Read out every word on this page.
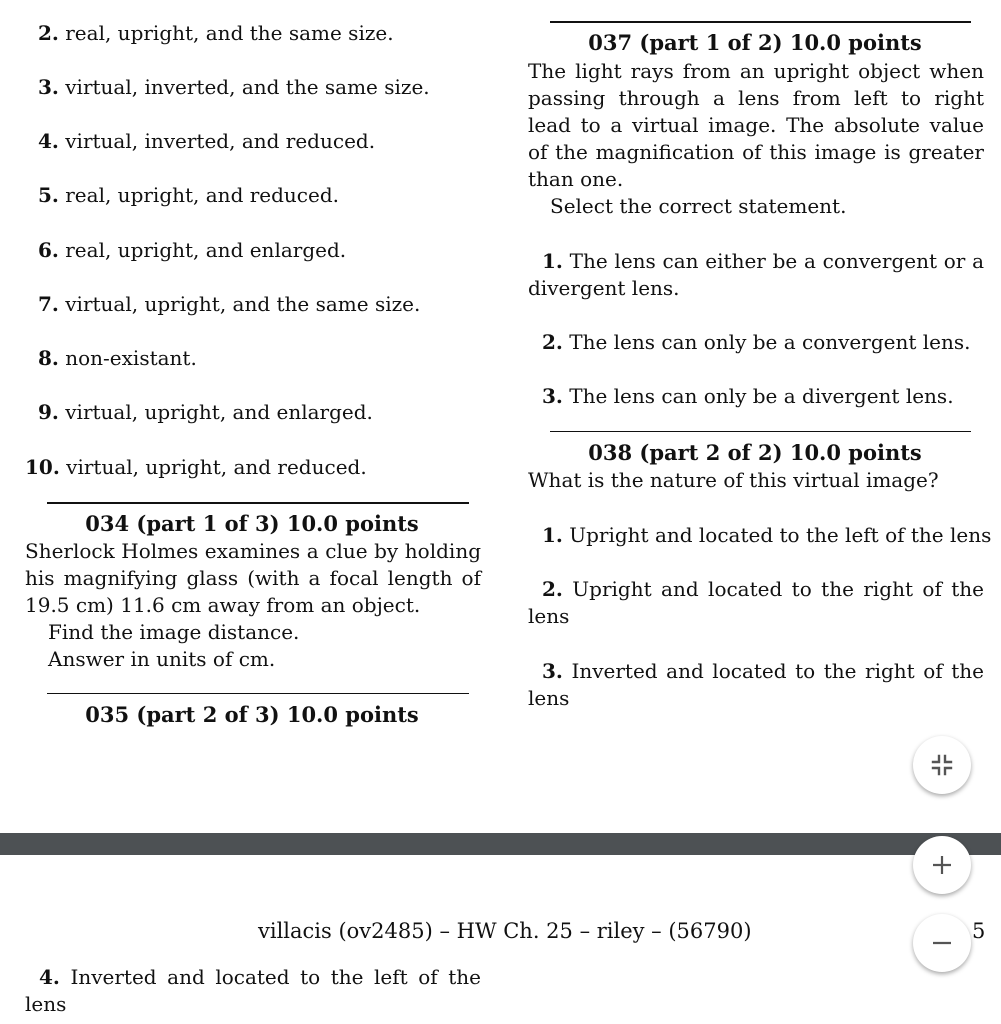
2. real, upright, and the same size.
3. virtual, inverted, and the same size.
4. virtual, inverted, and reduced.
5. real, upright, and reduced.
6. real, upright, and enlarged.
7. virtual, upright, and the same size.
8. non-existant.
9. virtual, upright, and enlarged.
10. virtual, upright, and reduced.
034 (part 1 of 3) 10.0 points
Sherlock Holmes examines a clue by holding his magnifying glass (with a focal length of 19.5 cm) 11.6 cm away from an object.
Find the image distance.
Answer in units of cm.
035 (part 2 of 3) 10.0 points
037 (part 1 of 2) 10.0 points
The light rays from an upright object when passing through a lens from left to right lead to a virtual image. The absolute value of the magnification of this image is greater than one.
Select the correct statement.
1. The lens can either be a convergent or a divergent lens.
2. The lens can only be a convergent lens.
3. The lens can only be a divergent lens.
038 (part 2 of 2) 10.0 points
What is the nature of this virtual image?
1. Upright and located to the left of the lens
2. Upright and located to the right of the lens
3. Inverted and located to the right of the lens
villacis (ov2485) – HW Ch. 25 – riley – (56790)	5
4. Inverted and located to the left of the lens
